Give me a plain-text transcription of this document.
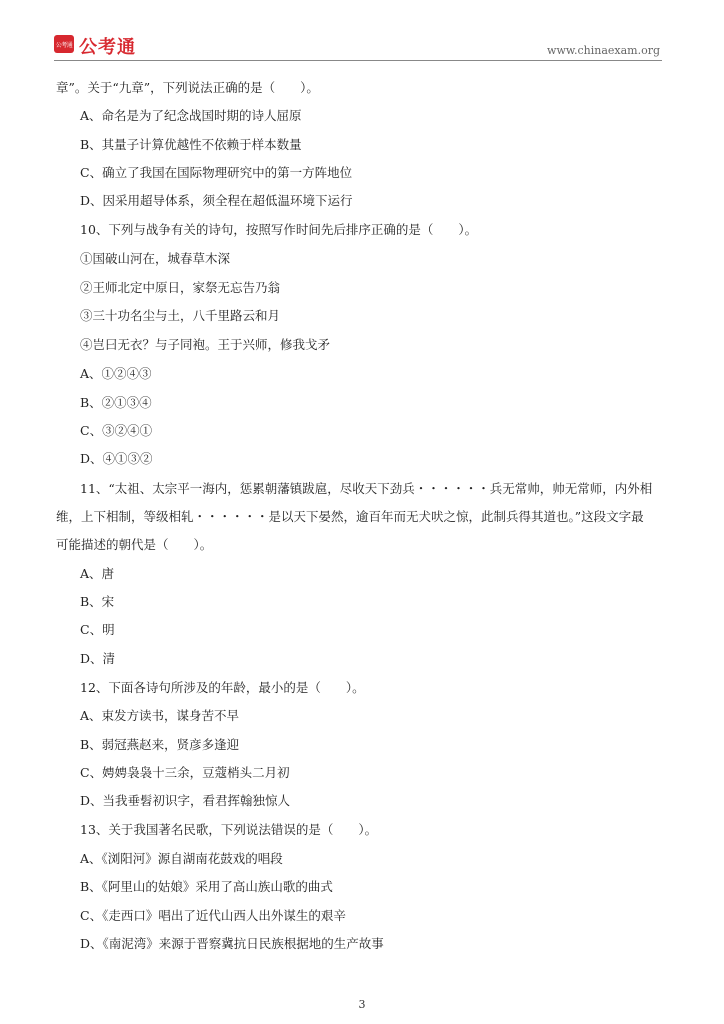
公考通 公考通	www.chinaexam.org
章”。关于“九章”，下列说法正确的是（　　）。
A、命名是为了纪念战国时期的诗人屈原
B、其量子计算优越性不依赖于样本数量
C、确立了我国在国际物理研究中的第一方阵地位
D、因采用超导体系，须全程在超低温环境下运行
10、下列与战争有关的诗句，按照写作时间先后排序正确的是（　　）。
①国破山河在，城春草木深
②王师北定中原日，家祭无忘告乃翁
③三十功名尘与土，八千里路云和月
④岂曰无衣？与子同袍。王于兴师，修我戈矛
A、①②④③
B、②①③④
C、③②④①
D、④①③②
11、“太祖、太宗平一海内，惩累朝藩镇跋扈，尽收天下劲兵・・・・・・兵无常帅，帅无常师，内外相
维，上下相制，等级相轧・・・・・・是以天下晏然，逾百年而无犬吠之惊，此制兵得其道也。”这段文字最
可能描述的朝代是（　　）。
A、唐
B、宋
C、明
D、清
12、下面各诗句所涉及的年龄，最小的是（　　）。
A、束发方读书，谋身苦不早
B、弱冠燕赵来，贤彦多逢迎
C、娉娉袅袅十三余，豆蔻梢头二月初
D、当我垂髫初识字，看君挥翰独惊人
13、关于我国著名民歌，下列说法错误的是（　　）。
A、《浏阳河》源自湖南花鼓戏的唱段
B、《阿里山的姑娘》采用了高山族山歌的曲式
C、《走西口》唱出了近代山西人出外谋生的艰辛
D、《南泥湾》来源于晋察冀抗日民族根据地的生产故事
3
